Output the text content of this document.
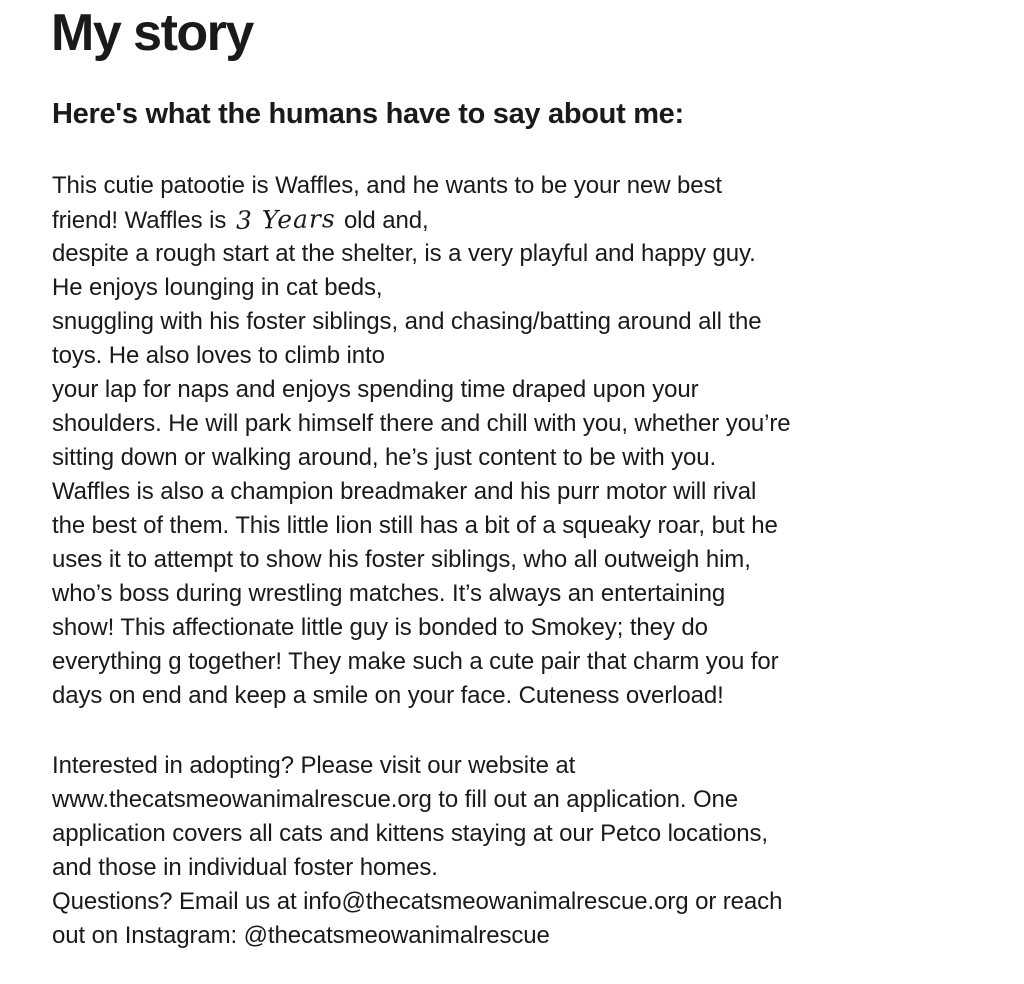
My story
Here's what the humans have to say about me:
This cutie patootie is Waffles, and he wants to be your new best
friend! Waffles is 3 Years old and,
despite a rough start at the shelter, is a very playful and happy guy.
He enjoys lounging in cat beds,
snuggling with his foster siblings, and chasing/batting around all the
toys. He also loves to climb into
your lap for naps and enjoys spending time draped upon your
shoulders. He will park himself there and chill with you, whether you’re
sitting down or walking around, he’s just content to be with you.
Waffles is also a champion breadmaker and his purr motor will rival
the best of them. This little lion still has a bit of a squeaky roar, but he
uses it to attempt to show his foster siblings, who all outweigh him,
who’s boss during wrestling matches. It’s always an entertaining
show! This affectionate little guy is bonded to Smokey; they do
everything g together! They make such a cute pair that charm you for
days on end and keep a smile on your face. Cuteness overload!
Interested in adopting? Please visit our website at
www.thecatsmeowanimalrescue.org to fill out an application. One
application covers all cats and kittens staying at our Petco locations,
and those in individual foster homes.
Questions? Email us at info@thecatsmeowanimalrescue.org or reach
out on Instagram: @thecatsmeowanimalrescue
